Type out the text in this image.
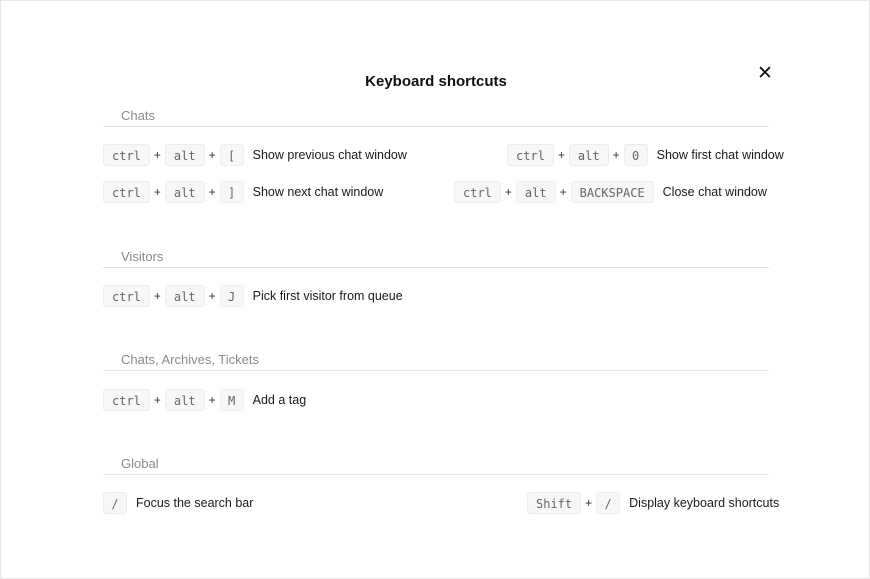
Keyboard shortcuts	✕
Chats
ctrl	+	alt	+	[	Show previous chat window	ctrl	+	alt	+	0	Show first chat window
ctrl	+	alt	+	]	Show next chat window	ctrl	+	alt	+	BACKSPACE	Close chat window
Visitors
ctrl	+	alt	+	J	Pick first visitor from queue
Chats, Archives, Tickets
ctrl	+	alt	+	M	Add a tag
Global
/	Focus the search bar	Shift	+	/	Display keyboard shortcuts
